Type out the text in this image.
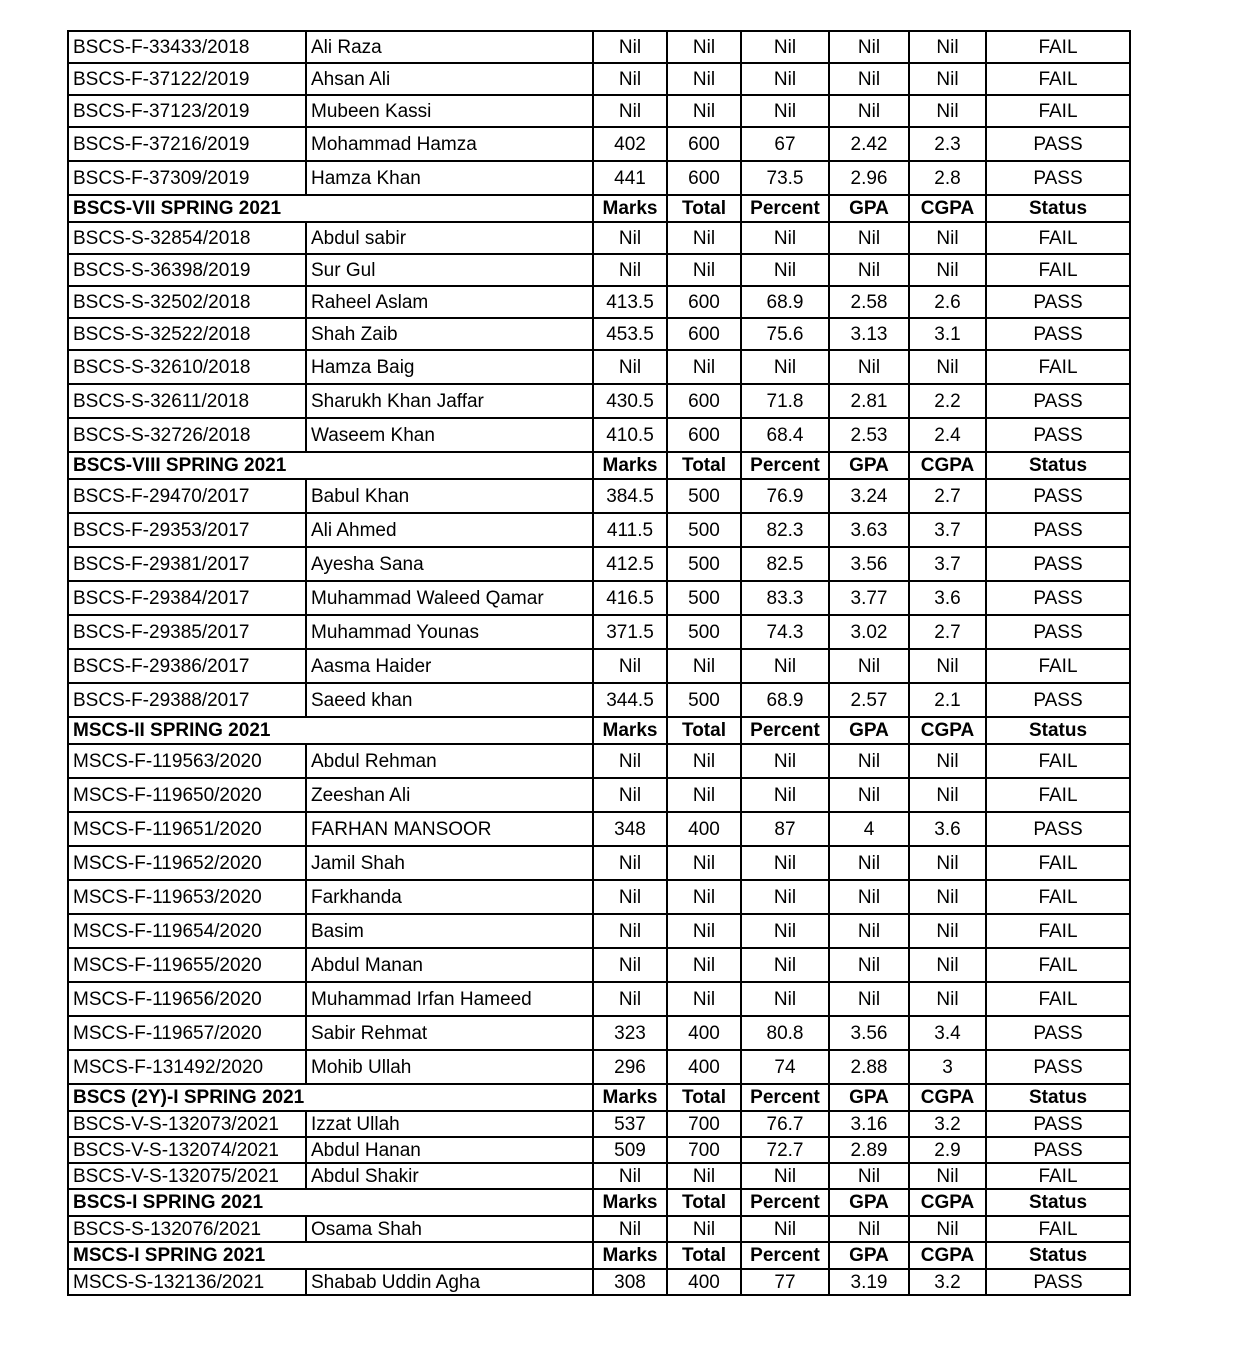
BSCS-F-33433/2018	Ali Raza	Nil	Nil	Nil	Nil	Nil	FAIL
BSCS-F-37122/2019	Ahsan Ali	Nil	Nil	Nil	Nil	Nil	FAIL
BSCS-F-37123/2019	Mubeen Kassi	Nil	Nil	Nil	Nil	Nil	FAIL
BSCS-F-37216/2019	Mohammad Hamza	402	600	67	2.42	2.3	PASS
BSCS-F-37309/2019	Hamza Khan	441	600	73.5	2.96	2.8	PASS
BSCS-VII SPRING 2021		Marks	Total	Percent	GPA	CGPA	Status
BSCS-S-32854/2018	Abdul sabir	Nil	Nil	Nil	Nil	Nil	FAIL
BSCS-S-36398/2019	Sur Gul	Nil	Nil	Nil	Nil	Nil	FAIL
BSCS-S-32502/2018	Raheel Aslam	413.5	600	68.9	2.58	2.6	PASS
BSCS-S-32522/2018	Shah Zaib	453.5	600	75.6	3.13	3.1	PASS
BSCS-S-32610/2018	Hamza Baig	Nil	Nil	Nil	Nil	Nil	FAIL
BSCS-S-32611/2018	Sharukh Khan Jaffar	430.5	600	71.8	2.81	2.2	PASS
BSCS-S-32726/2018	Waseem Khan	410.5	600	68.4	2.53	2.4	PASS
BSCS-VIII SPRING 2021		Marks	Total	Percent	GPA	CGPA	Status
BSCS-F-29470/2017	Babul Khan	384.5	500	76.9	3.24	2.7	PASS
BSCS-F-29353/2017	Ali Ahmed	411.5	500	82.3	3.63	3.7	PASS
BSCS-F-29381/2017	Ayesha Sana	412.5	500	82.5	3.56	3.7	PASS
BSCS-F-29384/2017	Muhammad Waleed Qamar	416.5	500	83.3	3.77	3.6	PASS
BSCS-F-29385/2017	Muhammad Younas	371.5	500	74.3	3.02	2.7	PASS
BSCS-F-29386/2017	Aasma Haider	Nil	Nil	Nil	Nil	Nil	FAIL
BSCS-F-29388/2017	Saeed khan	344.5	500	68.9	2.57	2.1	PASS
MSCS-II SPRING 2021		Marks	Total	Percent	GPA	CGPA	Status
MSCS-F-119563/2020	Abdul Rehman	Nil	Nil	Nil	Nil	Nil	FAIL
MSCS-F-119650/2020	Zeeshan Ali	Nil	Nil	Nil	Nil	Nil	FAIL
MSCS-F-119651/2020	FARHAN MANSOOR	348	400	87	4	3.6	PASS
MSCS-F-119652/2020	Jamil Shah	Nil	Nil	Nil	Nil	Nil	FAIL
MSCS-F-119653/2020	Farkhanda	Nil	Nil	Nil	Nil	Nil	FAIL
MSCS-F-119654/2020	Basim	Nil	Nil	Nil	Nil	Nil	FAIL
MSCS-F-119655/2020	Abdul Manan	Nil	Nil	Nil	Nil	Nil	FAIL
MSCS-F-119656/2020	Muhammad Irfan Hameed	Nil	Nil	Nil	Nil	Nil	FAIL
MSCS-F-119657/2020	Sabir Rehmat	323	400	80.8	3.56	3.4	PASS
MSCS-F-131492/2020	Mohib Ullah	296	400	74	2.88	3	PASS
BSCS (2Y)-I SPRING 2021		Marks	Total	Percent	GPA	CGPA	Status
BSCS-V-S-132073/2021	Izzat Ullah	537	700	76.7	3.16	3.2	PASS
BSCS-V-S-132074/2021	Abdul Hanan	509	700	72.7	2.89	2.9	PASS
BSCS-V-S-132075/2021	Abdul Shakir	Nil	Nil	Nil	Nil	Nil	FAIL
BSCS-I SPRING 2021		Marks	Total	Percent	GPA	CGPA	Status
BSCS-S-132076/2021	Osama Shah	Nil	Nil	Nil	Nil	Nil	FAIL
MSCS-I SPRING 2021		Marks	Total	Percent	GPA	CGPA	Status
MSCS-S-132136/2021	Shabab Uddin Agha	308	400	77	3.19	3.2	PASS
